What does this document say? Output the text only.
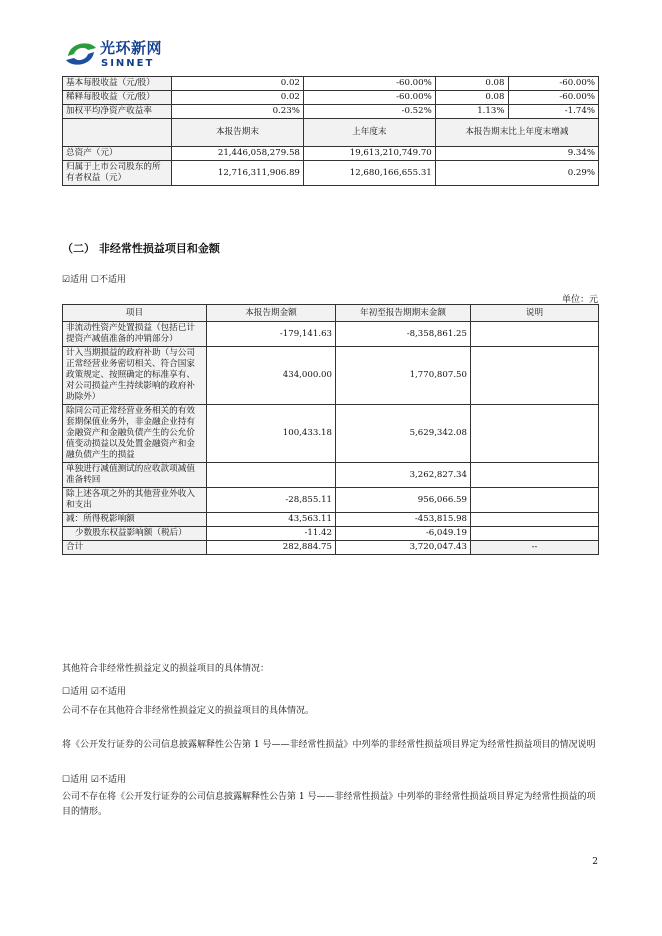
光环新网
SINNET
基本每股收益（元/股）	0.02	-60.00%	0.08	-60.00%
稀释每股收益（元/股）	0.02	-60.00%	0.08	-60.00%
加权平均净资产收益率	0.23%	-0.52%	1.13%	-1.74%
	本报告期末	上年度末	本报告期末比上年度末增减	
总资产（元）	21,446,058,279.58	19,613,210,749.70	9.34%	
归属于上市公司股东的所有者权益（元）	12,716,311,906.89	12,680,166,655.31	0.29%	
（二） 非经常性损益项目和金额
☑适用 ☐不适用
单位：元
项目	本报告期金额	年初至报告期期末金额	说明
非流动性资产处置损益（包括已计提资产减值准备的冲销部分）	-179,141.63	-8,358,861.25	
计入当期损益的政府补助（与公司正常经营业务密切相关、符合国家政策规定、按照确定的标准享有、对公司损益产生持续影响的政府补助除外）	434,000.00	1,770,807.50	
除同公司正常经营业务相关的有效套期保值业务外，非金融企业持有金融资产和金融负债产生的公允价值变动损益以及处置金融资产和金融负债产生的损益	100,433.18	5,629,342.08	
单独进行减值测试的应收款项减值准备转回		3,262,827.34	
除上述各项之外的其他营业外收入和支出	-28,855.11	956,066.59	
减：所得税影响额	43,563.11	-453,815.98	
少数股东权益影响额（税后）	-11.42	-6,049.19	
合计	282,884.75	3,720,047.43	--
其他符合非经常性损益定义的损益项目的具体情况：
☐适用 ☑不适用
公司不存在其他符合非经常性损益定义的损益项目的具体情况。
将《公开发行证券的公司信息披露解释性公告第 1 号——非经常性损益》中列举的非经常性损益项目界定为经常性损益项目的情况说明
☐适用 ☑不适用
公司不存在将《公开发行证券的公司信息披露解释性公告第 1 号——非经常性损益》中列举的非经常性损益项目界定为经常性损益的项目的情形。
2
